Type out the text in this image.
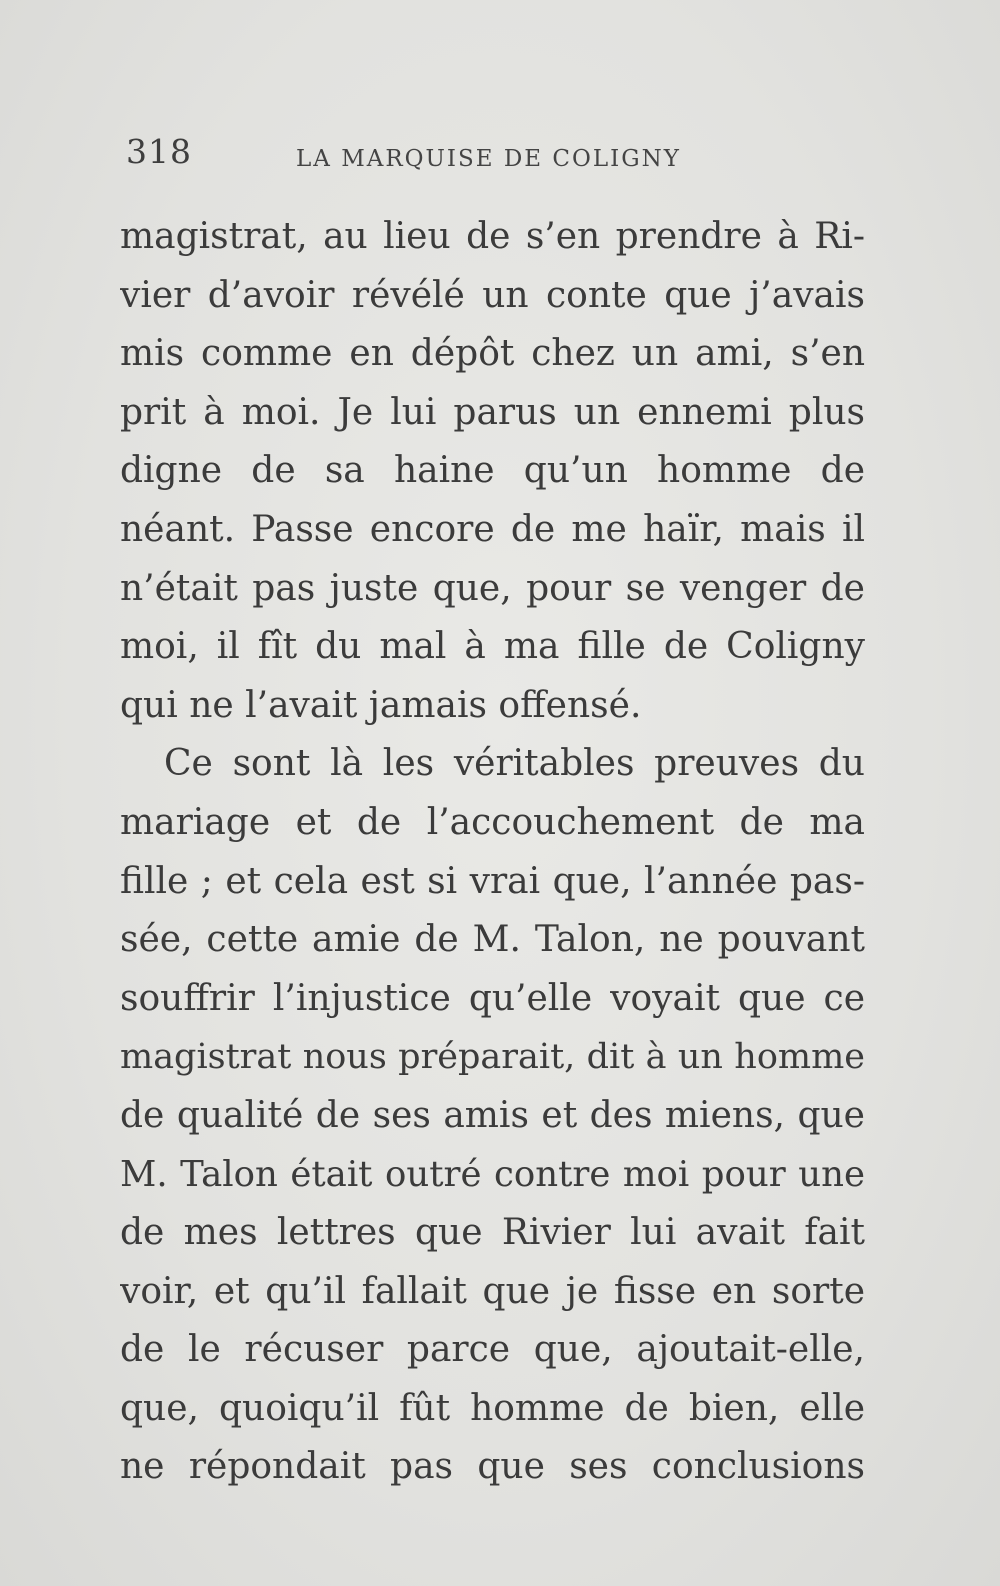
318	LA MARQUISE DE COLIGNY
magistrat, au lieu de s’en prendre à Ri-
vier d’avoir révélé un conte que j’avais
mis comme en dépôt chez un ami, s’en
prit à moi. Je lui parus un ennemi plus
digne de sa haine qu’un homme de
néant. Passe encore de me haïr, mais il
n’était pas juste que, pour se venger de
moi, il fît du mal à ma fille de Coligny
qui ne l’avait jamais offensé.
Ce sont là les véritables preuves du
mariage et de l’accouchement de ma
fille ; et cela est si vrai que, l’année pas-
sée, cette amie de M. Talon, ne pouvant
souffrir l’injustice qu’elle voyait que ce
magistrat nous préparait, dit à un homme
de qualité de ses amis et des miens, que
M. Talon était outré contre moi pour une
de mes lettres que Rivier lui avait fait
voir, et qu’il fallait que je fisse en sorte
de le récuser parce que, ajoutait-elle,
que, quoiqu’il fût homme de bien, elle
ne répondait pas que ses conclusions
